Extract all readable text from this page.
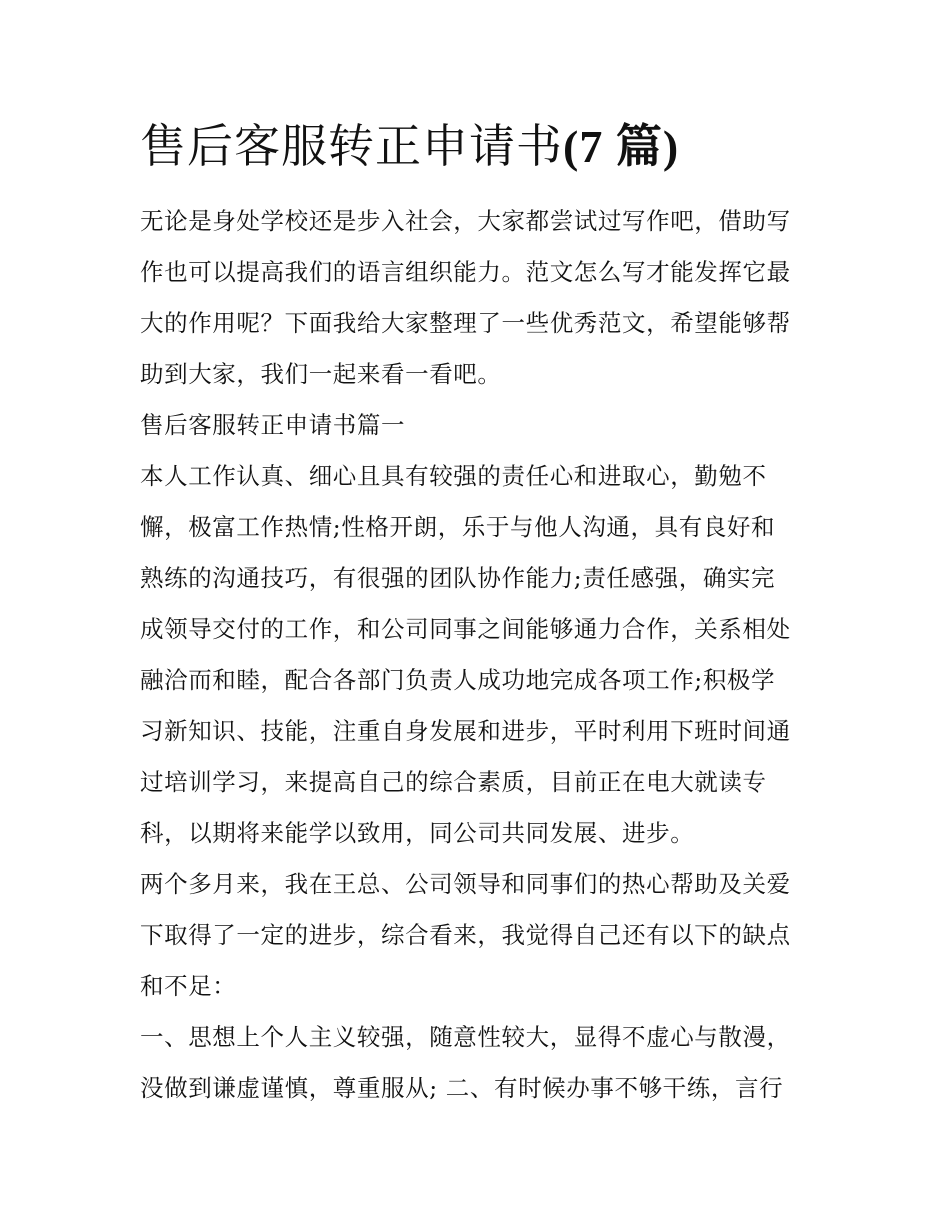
售后客服转正申请书(7 篇)

无论是身处学校还是步入社会，大家都尝试过写作吧，借助写

作也可以提高我们的语言组织能力。范文怎么写才能发挥它最

大的作用呢？下面我给大家整理了一些优秀范文，希望能够帮

助到大家，我们一起来看一看吧。

售后客服转正申请书篇一

本人工作认真、细心且具有较强的责任心和进取心，勤勉不

懈，极富工作热情;性格开朗，乐于与他人沟通，具有良好和

熟练的沟通技巧，有很强的团队协作能力;责任感强，确实完

成领导交付的工作，和公司同事之间能够通力合作，关系相处

融洽而和睦，配合各部门负责人成功地完成各项工作;积极学

习新知识、技能，注重自身发展和进步，平时利用下班时间通

过培训学习，来提高自己的综合素质，目前正在电大就读专

科，以期将来能学以致用，同公司共同发展、进步。

两个多月来，我在王总、公司领导和同事们的热心帮助及关爱

下取得了一定的进步，综合看来，我觉得自己还有以下的缺点

和不足：

一、思想上个人主义较强，随意性较大，显得不虚心与散漫，

没做到谦虚谨慎，尊重服从; 二、有时候办事不够干练，言行
